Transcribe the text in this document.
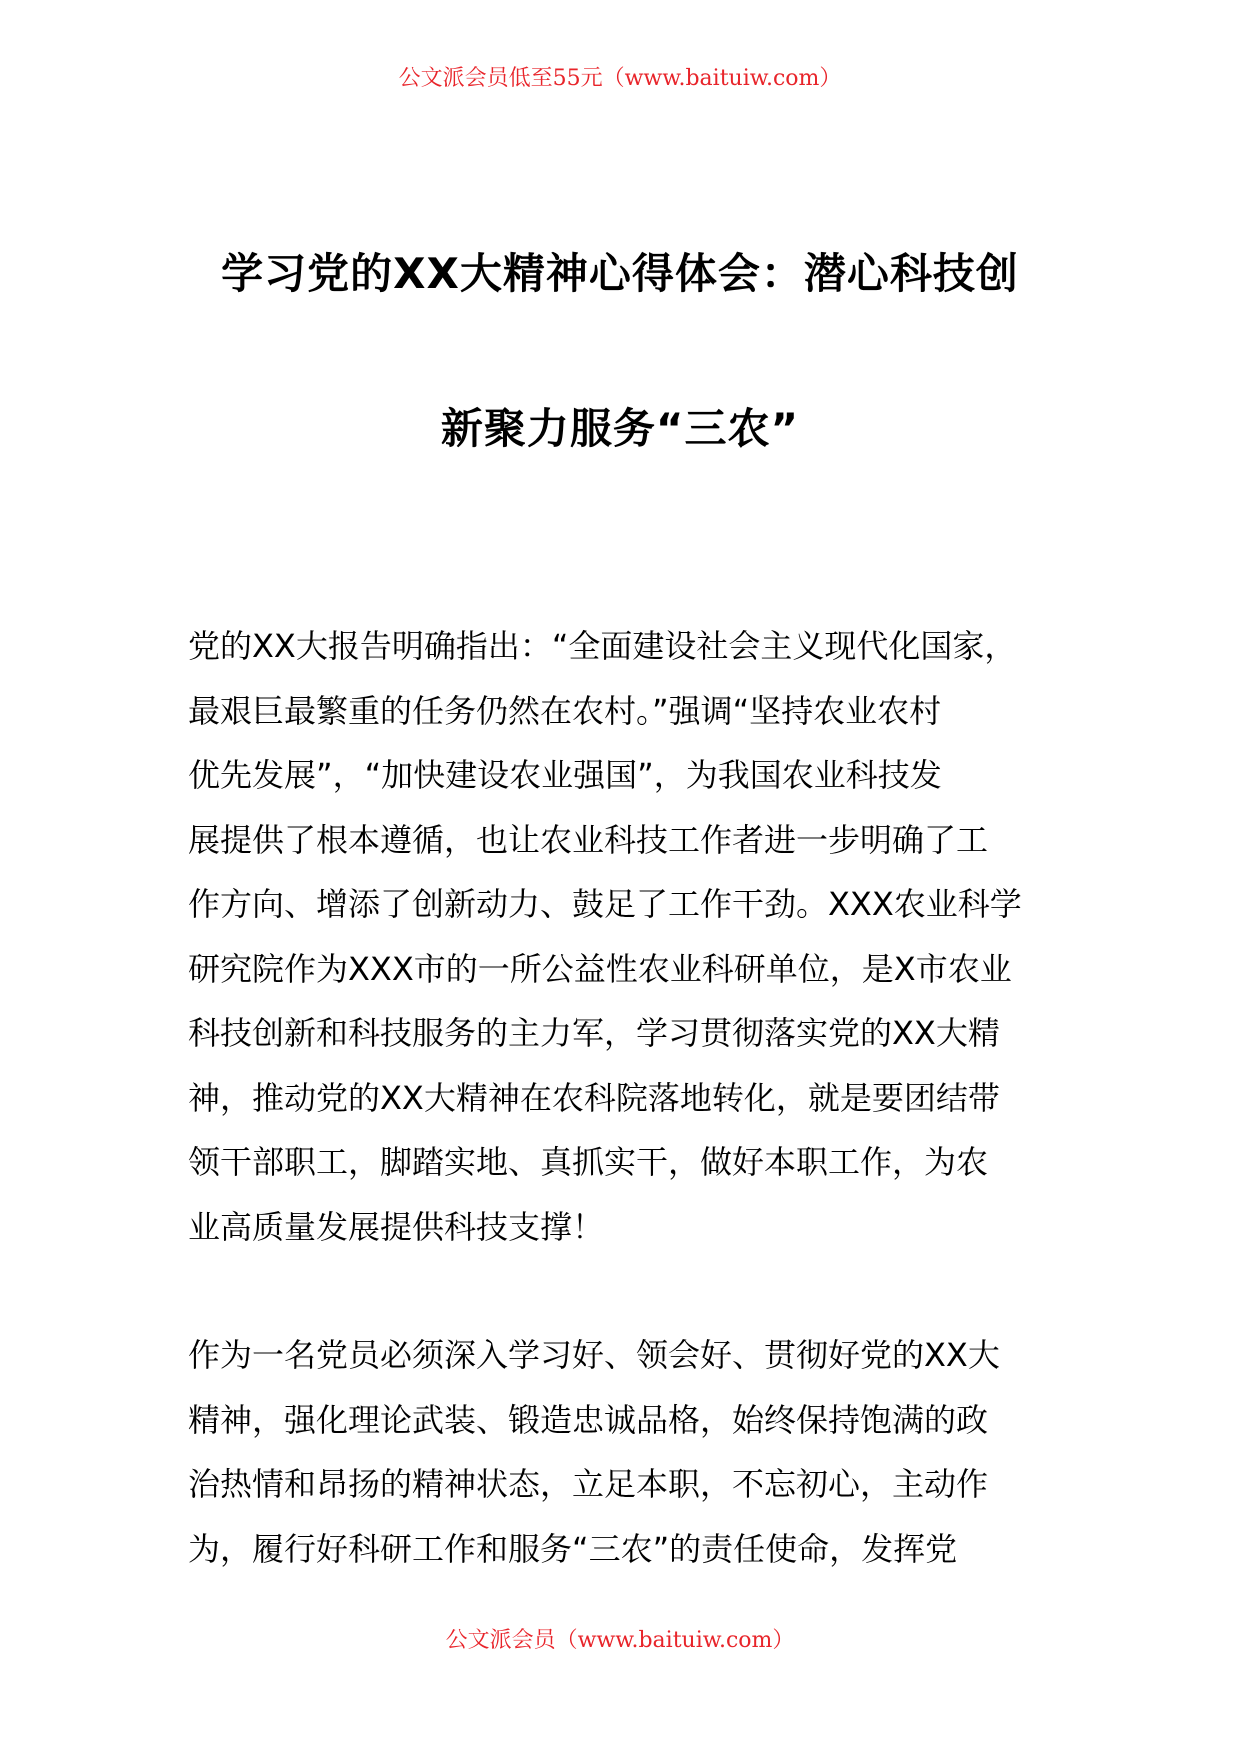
公文派会员低至55元（www.baituiw.com）
学习党的XX大精神心得体会：潜心科技创
新聚力服务“三农”

党的XX大报告明确指出：“全面建设社会主义现代化国家，
最艰巨最繁重的任务仍然在农村。”强调“坚持农业农村
优先发展”，“加快建设农业强国”，为我国农业科技发
展提供了根本遵循，也让农业科技工作者进一步明确了工
作方向、增添了创新动力、鼓足了工作干劲。XXX农业科学
研究院作为XXX市的一所公益性农业科研单位，是X市农业
科技创新和科技服务的主力军，学习贯彻落实党的XX大精
神，推动党的XX大精神在农科院落地转化，就是要团结带
领干部职工，脚踏实地、真抓实干，做好本职工作，为农
业高质量发展提供科技支撑！

作为一名党员必须深入学习好、领会好、贯彻好党的XX大
精神，强化理论武装、锻造忠诚品格，始终保持饱满的政
治热情和昂扬的精神状态，立足本职，不忘初心，主动作
为，履行好科研工作和服务“三农”的责任使命，发挥党

公文派会员（www.baituiw.com）
